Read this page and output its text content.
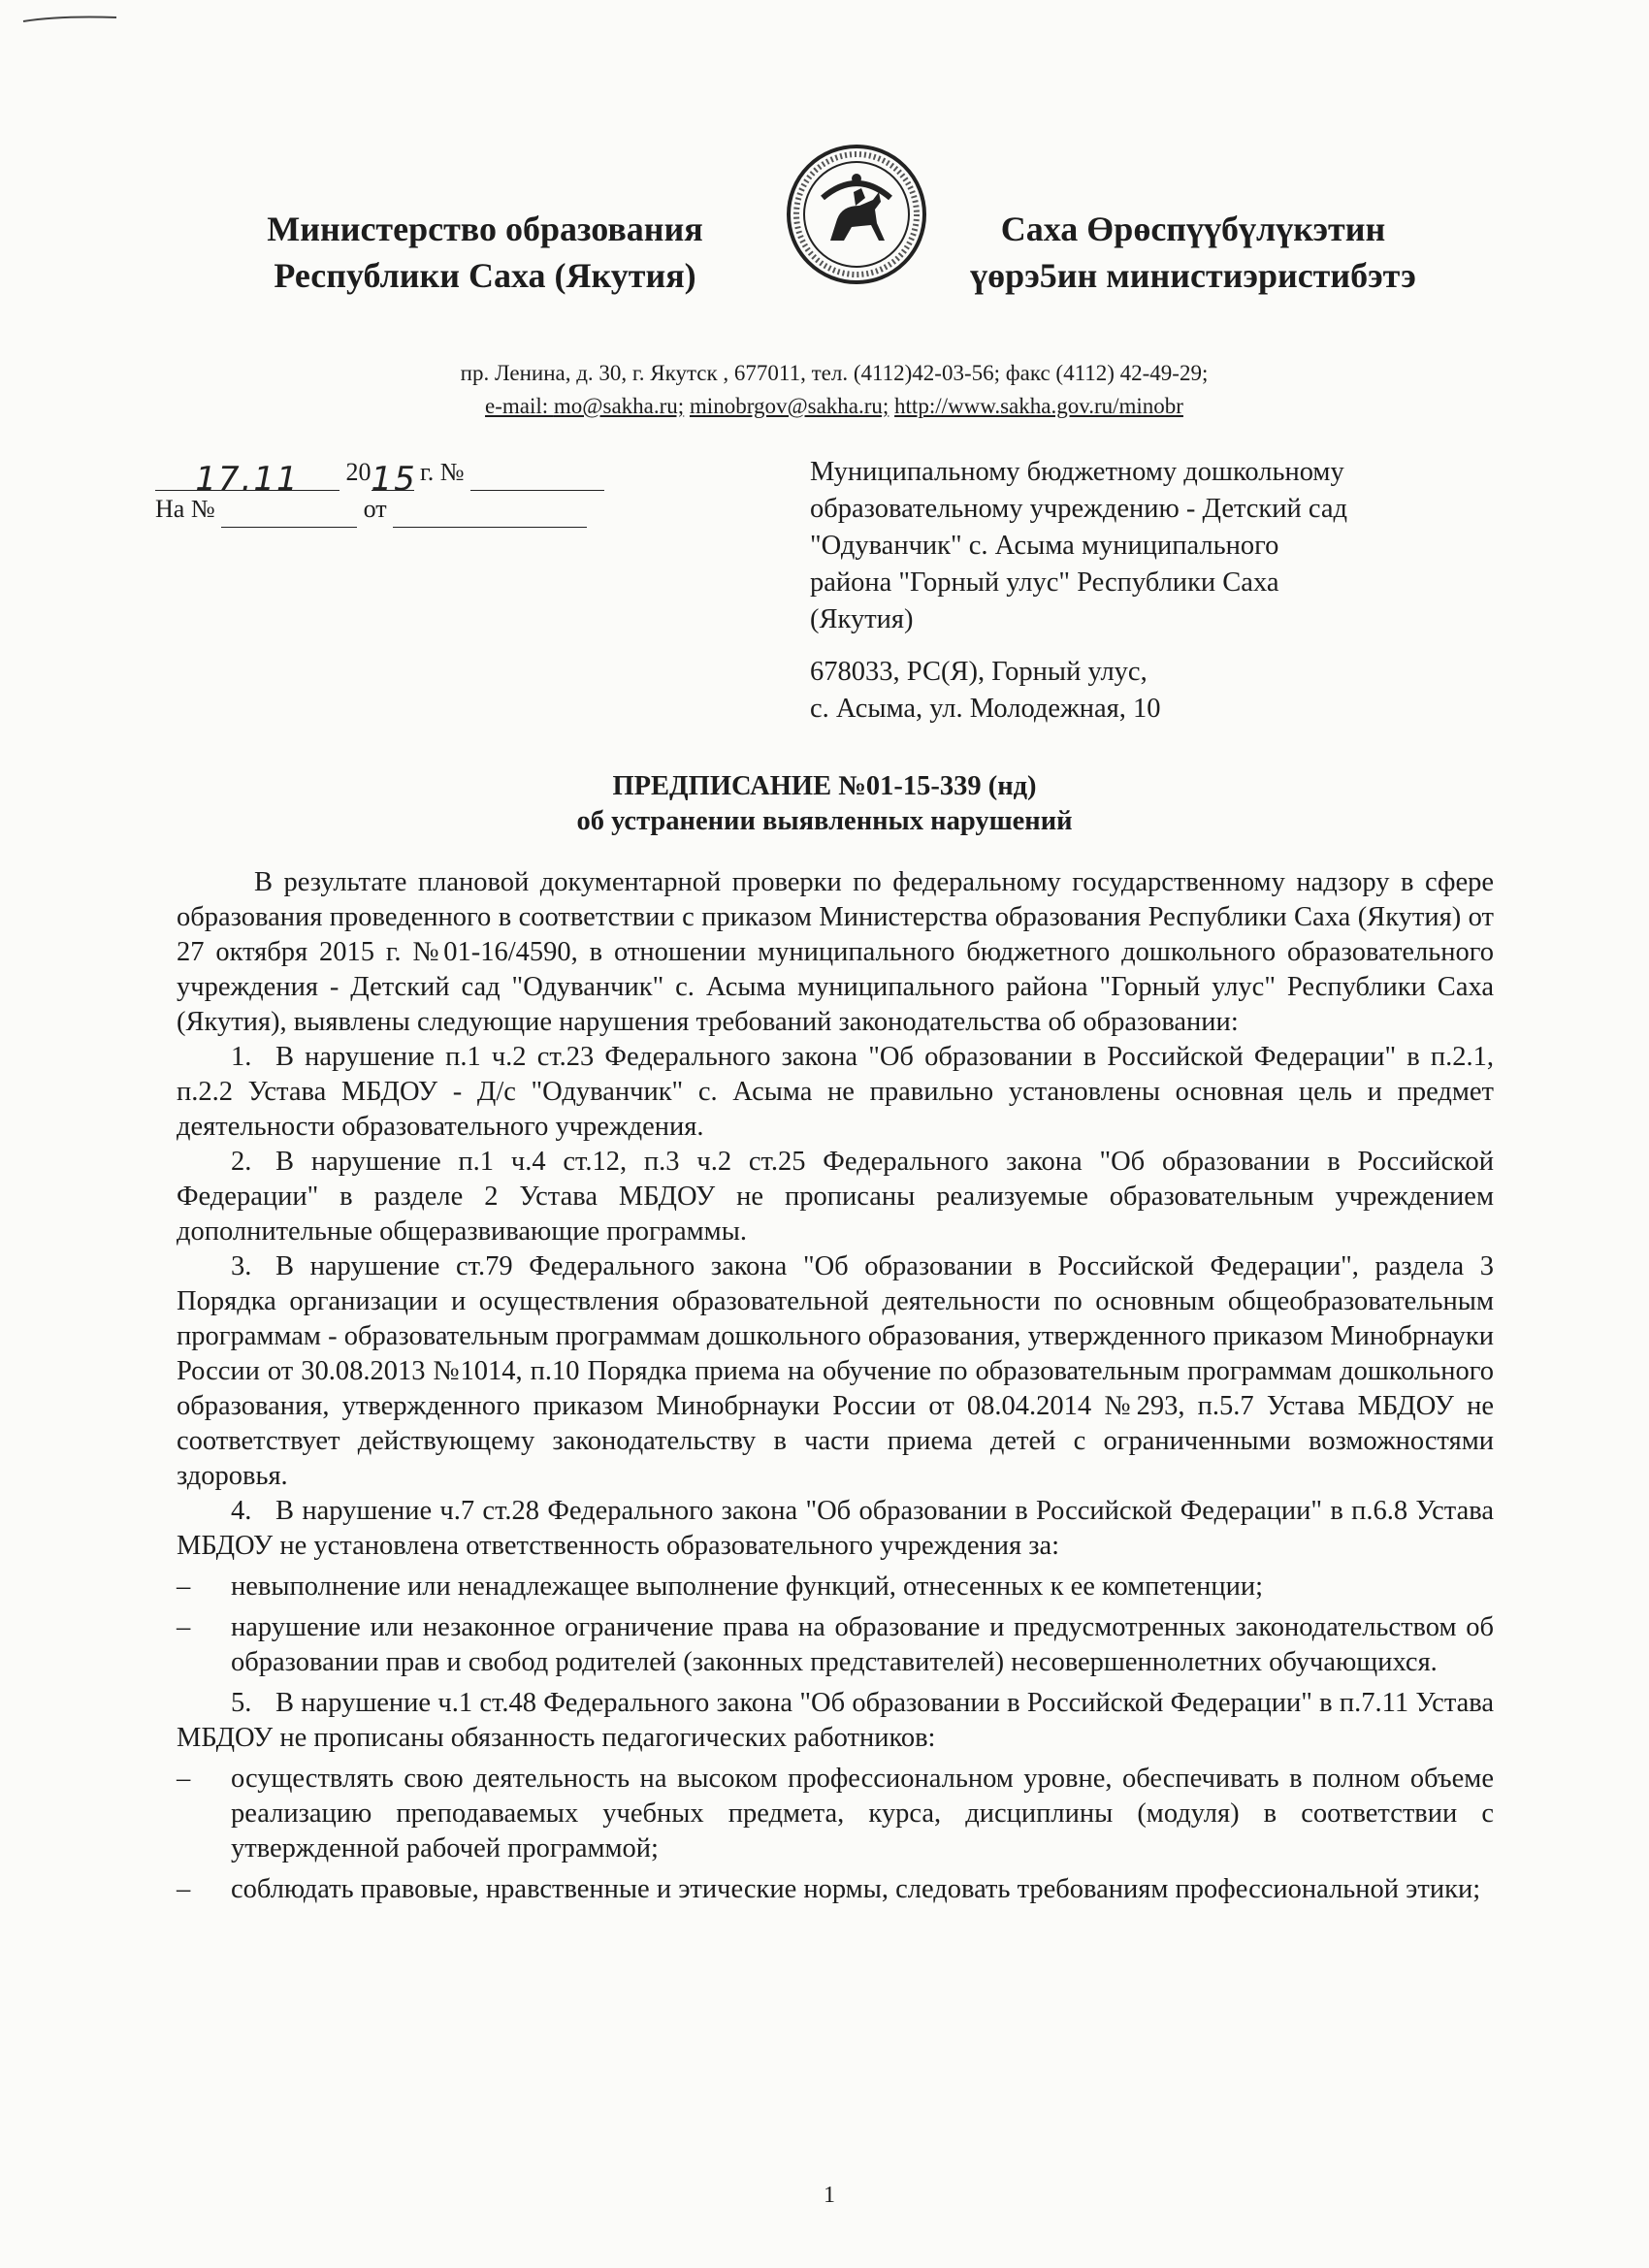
Министерство образования
Республики Саха (Якутия)
Саха Өрөспүүбүлүкэтин
үөрэ5ин министиэристибэтэ
пр. Ленина, д. 30, г. Якутск , 677011, тел. (4112)42-03-56; факс (4112) 42-49-29;
e-mail: mo@sakha.ru; minobrgov@sakha.ru; http://www.sakha.gov.ru/minobr
17.11 2015 г. №
На №	от

Муниципальному бюджетному дошкольному

образовательному учреждению - Детский сад

"Одуванчик" с. Асыма муниципального

района "Горный улус" Республики Саха

(Якутия)

678033, РС(Я), Горный улус,

с. Асыма, ул. Молодежная, 10

ПРЕДПИСАНИЕ №01-15-339 (нд)
об устранении выявленных нарушений

В результате плановой документарной проверки по федеральному государственному надзору в сфере образования проведенного в соответствии с приказом Министерства образования Республики Саха (Якутия) от 27 октября 2015 г. №01-16/4590, в отношении муниципального бюджетного дошкольного образовательного учреждения - Детский сад "Одуванчик" с. Асыма муниципального района "Горный улус" Республики Саха (Якутия), выявлены следующие нарушения требований законодательства об образовании:

1. В нарушение п.1 ч.2 ст.23 Федерального закона "Об образовании в Российской Федерации" в п.2.1, п.2.2 Устава МБДОУ - Д/с "Одуванчик" с. Асыма не правильно установлены основная цель и предмет деятельности образовательного учреждения.

2. В нарушение п.1 ч.4 ст.12, п.3 ч.2 ст.25 Федерального закона "Об образовании в Российской Федерации" в разделе 2 Устава МБДОУ не прописаны реализуемые образовательным учреждением дополнительные общеразвивающие программы.

3. В нарушение ст.79 Федерального закона "Об образовании в Российской Федерации", раздела 3 Порядка организации и осуществления образовательной деятельности по основным общеобразовательным программам - образовательным программам дошкольного образования, утвержденного приказом Минобрнауки России от 30.08.2013 №1014, п.10 Порядка приема на обучение по образовательным программам дошкольного образования, утвержденного приказом Минобрнауки России от 08.04.2014 №293, п.5.7 Устава МБДОУ не соответствует действующему законодательству в части приема детей с ограниченными возможностями здоровья.

4. В нарушение ч.7 ст.28 Федерального закона "Об образовании в Российской Федерации" в п.6.8 Устава МБДОУ не установлена ответственность образовательного учреждения за:

– невыполнение или ненадлежащее выполнение функций, отнесенных к ее компетенции;

– нарушение или незаконное ограничение права на образование и предусмотренных законодательством об образовании прав и свобод родителей (законных представителей) несовершеннолетних обучающихся.

5. В нарушение ч.1 ст.48 Федерального закона "Об образовании в Российской Федерации" в п.7.11 Устава МБДОУ не прописаны обязанность педагогических работников:

– осуществлять свою деятельность на высоком профессиональном уровне, обеспечивать в полном объеме реализацию преподаваемых учебных предмета, курса, дисциплины (модуля) в соответствии с утвержденной рабочей программой;

– соблюдать правовые, нравственные и этические нормы, следовать требованиям профессиональной этики;

1
